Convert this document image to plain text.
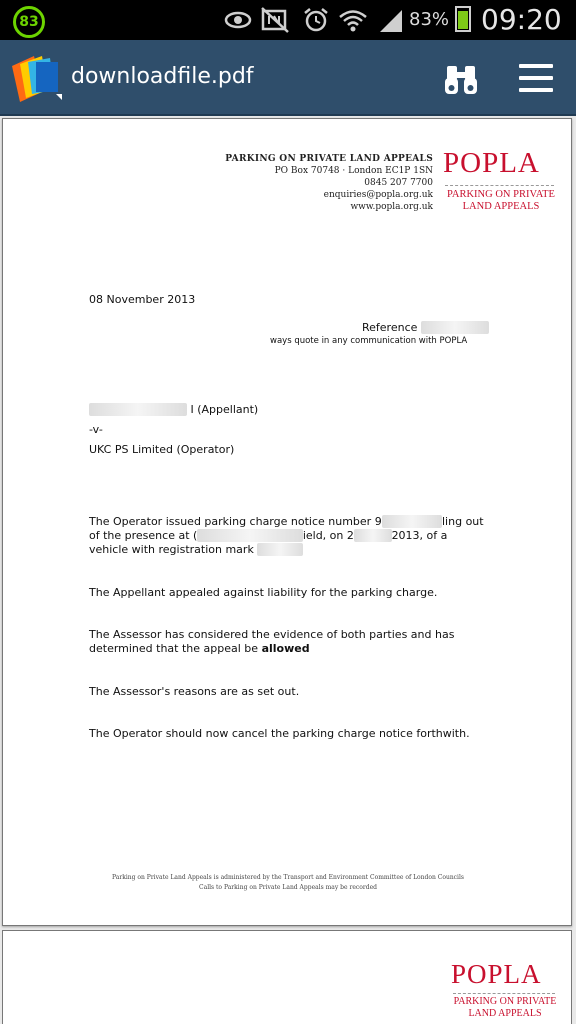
83	83% 09:20
downloadfile.pdf
PARKING ON PRIVATE LAND APPEALS
PO Box 70748 · London EC1P 1SN
0845 207 7700
enquiries@popla.org.uk
www.popla.org.uk
POPLA
PARKING ON PRIVATE
LAND APPEALS
08 November 2013
Reference
ways quote in any communication with POPLA
I (Appellant)
-v-
UKC PS Limited (Operator)
The Operator issued parking charge notice number 9	ling out
of the presence at (	ield, on 2	2013, of a
vehicle with registration mark
The Appellant appealed against liability for the parking charge.
The Assessor has considered the evidence of both parties and has
determined that the appeal be allowed
The Assessor's reasons are as set out.
The Operator should now cancel the parking charge notice forthwith.
Parking on Private Land Appeals is administered by the Transport and Environment Committee of London Councils
Calls to Parking on Private Land Appeals may be recorded
POPLA
PARKING ON PRIVATE
LAND APPEALS
